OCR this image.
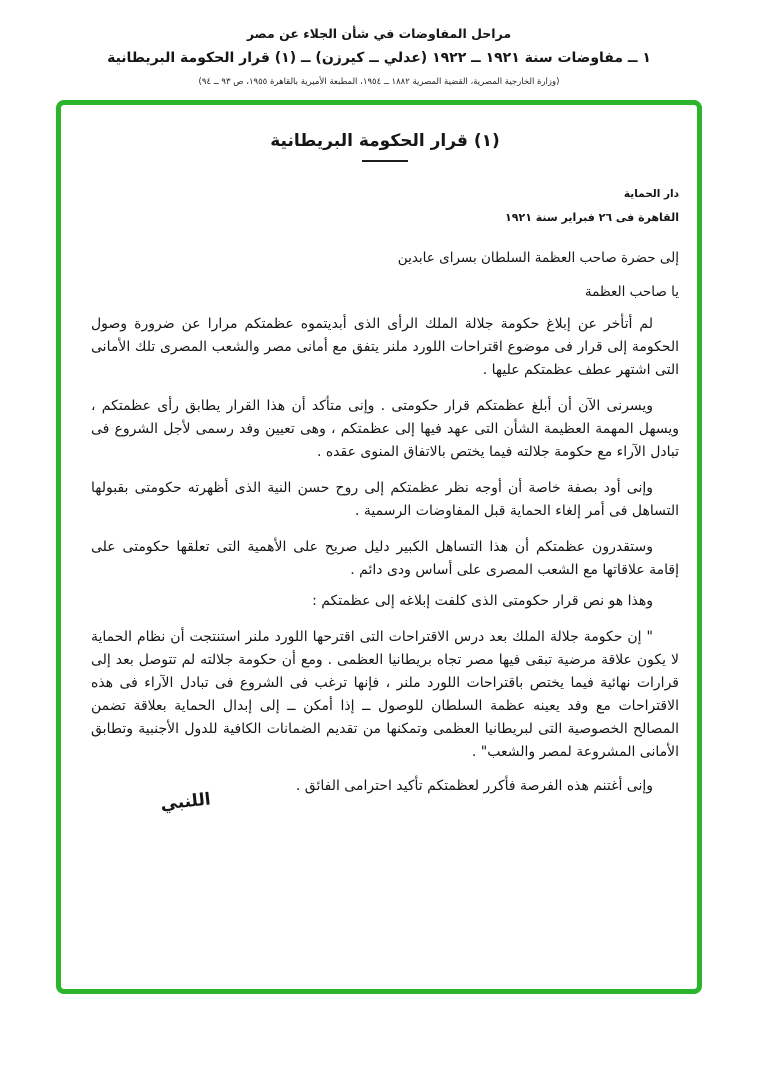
مراحل المفاوضات في شأن الجلاء عن مصر
١ ــ مفاوضات سنة ١٩٢١ ــ ١٩٢٢ (عدلي ــ كيرزن) ــ (١) قرار الحكومة البريطانية
(وزارة الخارجية المصرية، القضية المصرية ١٨٨٢ ــ ١٩٥٤، المطبعة الأميرية بالقاهرة ١٩٥٥، ص ٩٣ ــ ٩٤)
(١) قرار الحكومة البريطانية
دار الحماية
القاهرة فى ٢٦ فبراير سنة ١٩٢١
إلى حضرة صاحب العظمة السلطان بسراى عابدين
يا صاحب العظمة

لم أتأخر عن إبلاغ حكومة جلالة الملك الرأى الذى أبديتموه عظمتكم مرارا عن ضرورة وصول الحكومة إلى قرار فى موضوع اقتراحات اللورد ملنر يتفق مع أمانى مصر والشعب المصرى تلك الأمانى التى اشتهر عطف عظمتكم عليها .

ويسرنى الآن أن أبلغ عظمتكم قرار حكومتى . وإنى متأكد أن هذا القرار يطابق رأى عظمتكم ، ويسهل المهمة العظيمة الشأن التى عهد فيها إلى عظمتكم ، وهى تعيين وفد رسمى لأجل الشروع فى تبادل الآراء مع حكومة جلالته فيما يختص بالاتفاق المنوى عقده .

وإنى أود بصفة خاصة أن أوجه نظر عظمتكم إلى روح حسن النية الذى أظهرته حكومتى بقبولها التساهل فى أمر إلغاء الحماية قبل المفاوضات الرسمية .

وستقدرون عظمتكم أن هذا التساهل الكبير دليل صريح على الأهمية التى تعلقها حكومتى على إقامة علاقاتها مع الشعب المصرى على أساس ودى دائم .

وهذا هو نص قرار حكومتى الذى كلفت إبلاغه إلى عظمتكم :

" إن حكومة جلالة الملك بعد درس الاقتراحات التى اقترحها اللورد ملنر استنتجت أن نظام الحماية لا يكون علاقة مرضية تبقى فيها مصر تجاه بريطانيا العظمى . ومع أن حكومة جلالته لم تتوصل بعد إلى قرارات نهائية فيما يختص باقتراحات اللورد ملنر ، فإنها ترغب فى الشروع فى تبادل الآراء فى هذه الاقتراحات مع وفد يعينه عظمة السلطان للوصول ــ إذا أمكن ــ إلى إبدال الحماية بعلاقة تضمن المصالح الخصوصية التى لبريطانيا العظمى وتمكنها من تقديم الضمانات الكافية للدول الأجنبية وتطابق الأمانى المشروعة لمصر والشعب" .

وإنى أغتنم هذه الفرصة فأكرر لعظمتكم تأكيد احترامى الفائق .

اللنبي
